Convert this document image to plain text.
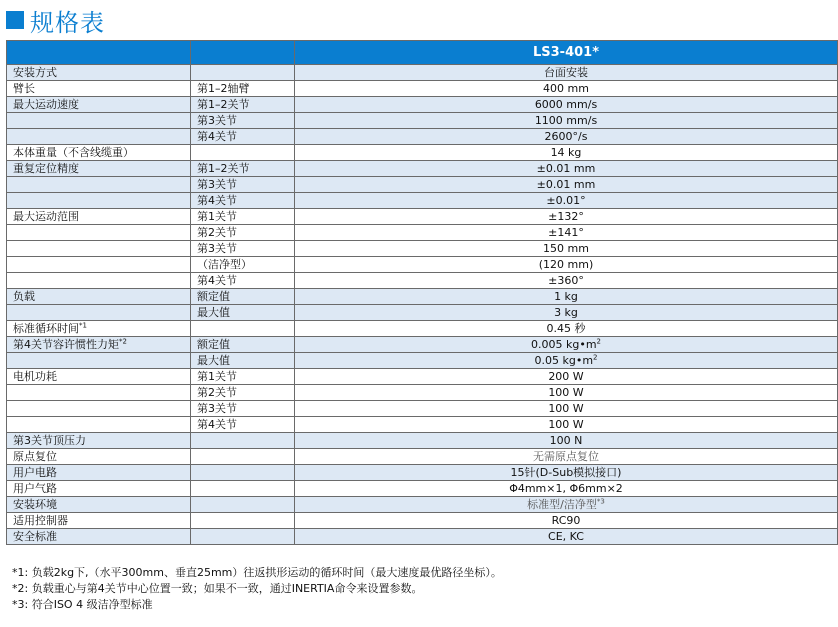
规格表
		LS3-401*
安装方式		台面安装
臂长	第1–2轴臂	400 mm
最大运动速度	第1–2关节	6000 mm/s
	第3关节	1100 mm/s
	第4关节	2600°/s
本体重量（不含线缆重）		14 kg
重复定位精度	第1–2关节	±0.01 mm
	第3关节	±0.01 mm
	第4关节	±0.01°
最大运动范围	第1关节	±132°
	第2关节	±141°
	第3关节	150 mm
	（洁净型）	(120 mm)
	第4关节	±360°
负载	额定值	1 kg
	最大值	3 kg
标准循环时间$^{*1}$		0.45 秒
第4关节容许惯性力矩$^{*2}$	额定值	0.005 $kg•m^2$
	最大值	0.05 $kg•m^2$
电机功耗	第1关节	200 W
	第2关节	100 W
	第3关节	100 W
	第4关节	100 W
第3关节顶压力		100 N
原点复位		无需原点复位
用户电路		15针(D-Sub模拟接口)
用户气路		Φ4mm×1, Φ6mm×2
安装环境		标准型/洁净型$^{*3}$
适用控制器		RC90
安全标准		CE, KC
*1: 负载2kg下,（水平300mm、垂直25mm）往返拱形运动的循环时间（最大速度最优路径坐标）。
*2: 负载重心与第4关节中心位置一致；如果不一致，通过INERTIA命令来设置参数。
*3: 符合ISO 4 级洁净型标准
